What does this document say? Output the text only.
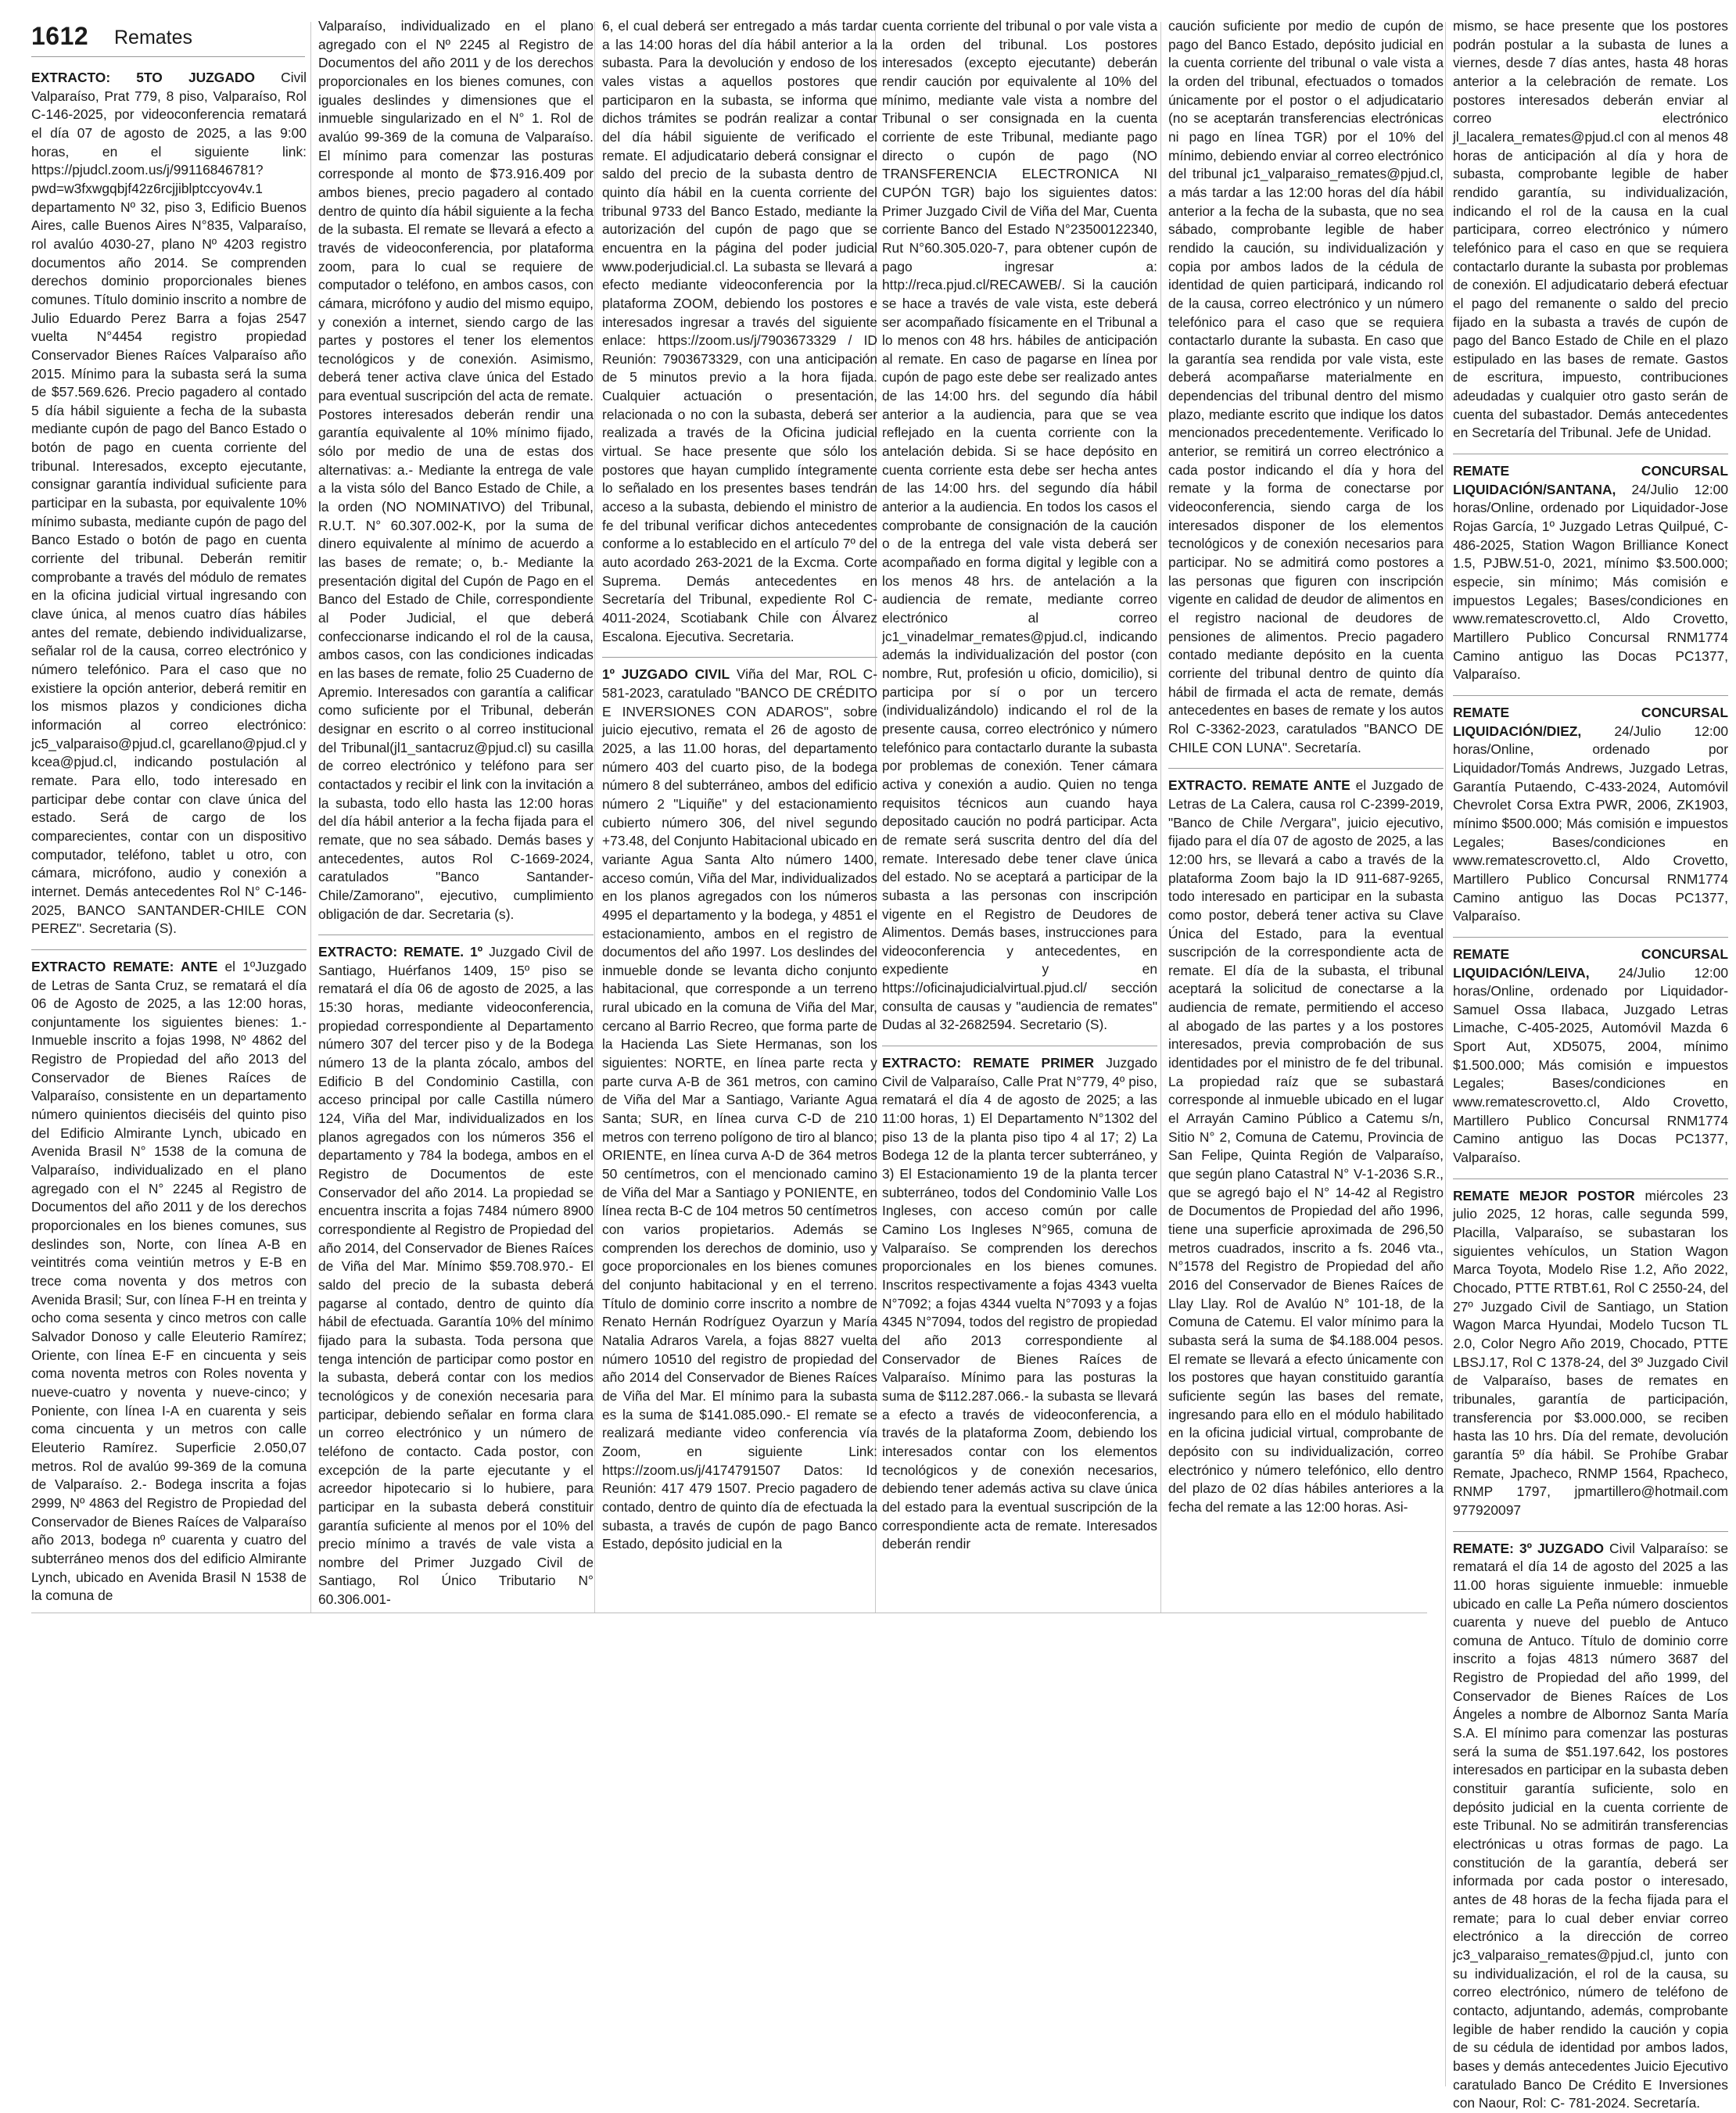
1612 Remates

EXTRACTO: 5TO JUZGADO Civil Valparaíso, Prat 779, 8 piso, Valparaíso, Rol C-146-2025, por videoconferencia rematará el día 07 de agosto de 2025, a las 9:00 horas, en el siguiente link: https://pjudcl.zoom.us/j/99116846781?pwd=w3fxwgqbjf42z6rcjjiblptccyov4v.1 departamento Nº 32, piso 3, Edificio Buenos Aires, calle Buenos Aires N°835, Valparaíso, rol avalúo 4030-27, plano Nº 4203 registro documentos año 2014. Se comprenden derechos dominio proporcionales bienes comunes. Título dominio inscrito a nombre de Julio Eduardo Perez Barra a fojas 2547 vuelta N°4454 registro propiedad Conservador Bienes Raíces Valparaíso año 2015. Mínimo para la subasta será la suma de $57.569.626. Precio pagadero al contado 5 día hábil siguiente a fecha de la subasta mediante cupón de pago del Banco Estado o botón de pago en cuenta corriente del tribunal. Interesados, excepto ejecutante, consignar garantía individual suficiente para participar en la subasta, por equivalente 10% mínimo subasta, mediante cupón de pago del Banco Estado o botón de pago en cuenta corriente del tribunal. Deberán remitir comprobante a través del módulo de remates en la oficina judicial virtual ingresando con clave única, al menos cuatro días hábiles antes del remate, debiendo individualizarse, señalar rol de la causa, correo electrónico y número telefónico. Para el caso que no existiere la opción anterior, deberá remitir en los mismos plazos y condiciones dicha información al correo electrónico: jc5_valparaiso@pjud.cl, gcarellano@pjud.cl y kcea@pjud.cl, indicando postulación al remate. Para ello, todo interesado en participar debe contar con clave única del estado. Será de cargo de los comparecientes, contar con un dispositivo computador, teléfono, tablet u otro, con cámara, micrófono, audio y conexión a internet. Demás antecedentes Rol N° C-146-2025, BANCO SANTANDER-CHILE CON PEREZ". Secretaria (S).

EXTRACTO REMATE: ANTE el 1ºJuzgado de Letras de Santa Cruz, se rematará el día 06 de Agosto de 2025, a las 12:00 horas, conjuntamente los siguientes bienes: 1.- Inmueble inscrito a fojas 1998, Nº 4862 del Registro de Propiedad del año 2013 del Conservador de Bienes Raíces de Valparaíso, consistente en un departamento número quinientos dieciséis del quinto piso del Edificio Almirante Lynch, ubicado en Avenida Brasil N° 1538 de la comuna de Valparaíso, individualizado en el plano agregado con el N° 2245 al Registro de Documentos del año 2011 y de los derechos proporcionales en los bienes comunes, sus deslindes son, Norte, con línea A-B en veintitrés coma veintiún metros y E-B en trece coma noventa y dos metros con Avenida Brasil; Sur, con línea F-H en treinta y ocho coma sesenta y cinco metros con calle Salvador Donoso y calle Eleuterio Ramírez; Oriente, con línea E-F en cincuenta y seis coma noventa metros con Roles noventa y nueve-cuatro y noventa y nueve-cinco; y Poniente, con línea I-A en cuarenta y seis coma cincuenta y un metros con calle Eleuterio Ramírez. Superficie 2.050,07 metros. Rol de avalúo 99-369 de la comuna de Valparaíso. 2.- Bodega inscrita a fojas 2999, Nº 4863 del Registro de Propiedad del Conservador de Bienes Raíces de Valparaíso año 2013, bodega nº cuarenta y cuatro del subterráneo menos dos del edificio Almirante Lynch, ubicado en Avenida Brasil N 1538 de la comuna de

Valparaíso, individualizado en el plano agregado con el Nº 2245 al Registro de Documentos del año 2011 y de los derechos proporcionales en los bienes comunes, con iguales deslindes y dimensiones que el inmueble singularizado en el N° 1. Rol de avalúo 99-369 de la comuna de Valparaíso. El mínimo para comenzar las posturas corresponde al monto de $73.916.409 por ambos bienes, precio pagadero al contado dentro de quinto día hábil siguiente a la fecha de la subasta. El remate se llevará a efecto a través de videoconferencia, por plataforma zoom, para lo cual se requiere de computador o teléfono, en ambos casos, con cámara, micrófono y audio del mismo equipo, y conexión a internet, siendo cargo de las partes y postores el tener los elementos tecnológicos y de conexión. Asimismo, deberá tener activa clave única del Estado para eventual suscripción del acta de remate. Postores interesados deberán rendir una garantía equivalente al 10% mínimo fijado, sólo por medio de una de estas dos alternativas: a.- Mediante la entrega de vale a la vista sólo del Banco Estado de Chile, a la orden (NO NOMINATIVO) del Tribunal, R.U.T. N° 60.307.002-K, por la suma de dinero equivalente al mínimo de acuerdo a las bases de remate; o, b.- Mediante la presentación digital del Cupón de Pago en el Banco del Estado de Chile, correspondiente al Poder Judicial, el que deberá confeccionarse indicando el rol de la causa, ambos casos, con las condiciones indicadas en las bases de remate, folio 25 Cuaderno de Apremio. Interesados con garantía a calificar como suficiente por el Tribunal, deberán designar en escrito o al correo institucional del Tribunal(jl1_santacruz@pjud.cl) su casilla de correo electrónico y teléfono para ser contactados y recibir el link con la invitación a la subasta, todo ello hasta las 12:00 horas del día hábil anterior a la fecha fijada para el remate, que no sea sábado. Demás bases y antecedentes, autos Rol C-1669-2024, caratulados "Banco Santander-Chile/Zamorano", ejecutivo, cumplimiento obligación de dar. Secretaria (s).

EXTRACTO: REMATE. 1º Juzgado Civil de Santiago, Huérfanos 1409, 15º piso se rematará el día 06 de agosto de 2025, a las 15:30 horas, mediante videoconferencia, propiedad correspondiente al Departamento número 307 del tercer piso y de la Bodega número 13 de la planta zócalo, ambos del Edificio B del Condominio Castilla, con acceso principal por calle Castilla número 124, Viña del Mar, individualizados en los planos agregados con los números 356 el departamento y 784 la bodega, ambos en el Registro de Documentos de este Conservador del año 2014. La propiedad se encuentra inscrita a fojas 7484 número 8900 correspondiente al Registro de Propiedad del año 2014, del Conservador de Bienes Raíces de Viña del Mar. Mínimo $59.708.970.- El saldo del precio de la subasta deberá pagarse al contado, dentro de quinto día hábil de efectuada. Garantía 10% del mínimo fijado para la subasta. Toda persona que tenga intención de participar como postor en la subasta, deberá contar con los medios tecnológicos y de conexión necesaria para participar, debiendo señalar en forma clara un correo electrónico y un número de teléfono de contacto. Cada postor, con excepción de la parte ejecutante y el acreedor hipotecario si lo hubiere, para participar en la subasta deberá constituir garantía suficiente al menos por el 10% del precio mínimo a través de vale vista a nombre del Primer Juzgado Civil de Santiago, Rol Único Tributario N° 60.306.001-

6, el cual deberá ser entregado a más tardar a las 14:00 horas del día hábil anterior a la subasta. Para la devolución y endoso de los vales vistas a aquellos postores que participaron en la subasta, se informa que dichos trámites se podrán realizar a contar del día hábil siguiente de verificado el remate. El adjudicatario deberá consignar el saldo del precio de la subasta dentro de quinto día hábil en la cuenta corriente del tribunal 9733 del Banco Estado, mediante la autorización del cupón de pago que se encuentra en la página del poder judicial www.poderjudicial.cl. La subasta se llevará a efecto mediante videoconferencia por la plataforma ZOOM, debiendo los postores e interesados ingresar a través del siguiente enlace: https://zoom.us/j/7903673329 / ID Reunión: 7903673329, con una anticipación de 5 minutos previo a la hora fijada. Cualquier actuación o presentación, relacionada o no con la subasta, deberá ser realizada a través de la Oficina judicial virtual. Se hace presente que sólo los postores que hayan cumplido íntegramente lo señalado en los presentes bases tendrán acceso a la subasta, debiendo el ministro de fe del tribunal verificar dichos antecedentes conforme a lo establecido en el artículo 7º del auto acordado 263-2021 de la Excma. Corte Suprema. Demás antecedentes en Secretaría del Tribunal, expediente Rol C-4011-2024, Scotiabank Chile con Álvarez Escalona. Ejecutiva. Secretaria.

1º JUZGADO CIVIL Viña del Mar, ROL C-581-2023, caratulado "BANCO DE CRÉDITO E INVERSIONES CON ADAROS", sobre juicio ejecutivo, remata el 26 de agosto de 2025, a las 11.00 horas, del departamento número 403 del cuarto piso, de la bodega número 8 del subterráneo, ambos del edificio número 2 "Liquiñe" y del estacionamiento cubierto número 306, del nivel segundo +73.48, del Conjunto Habitacional ubicado en variante Agua Santa Alto número 1400, acceso común, Viña del Mar, individualizados en los planos agregados con los números 4995 el departamento y la bodega, y 4851 el estacionamiento, ambos en el registro de documentos del año 1997. Los deslindes del inmueble donde se levanta dicho conjunto habitacional, que corresponde a un terreno rural ubicado en la comuna de Viña del Mar, cercano al Barrio Recreo, que forma parte de la Hacienda Las Siete Hermanas, son los siguientes: NORTE, en línea parte recta y parte curva A-B de 361 metros, con camino de Viña del Mar a Santiago, Variante Agua Santa; SUR, en línea curva C-D de 210 metros con terreno polígono de tiro al blanco; ORIENTE, en línea curva A-D de 364 metros 50 centímetros, con el mencionado camino de Viña del Mar a Santiago y PONIENTE, en línea recta B-C de 104 metros 50 centímetros con varios propietarios. Además se comprenden los derechos de dominio, uso y goce proporcionales en los bienes comunes del conjunto habitacional y en el terreno. Título de dominio corre inscrito a nombre de Renato Hernán Rodríguez Oyarzun y María Natalia Adraros Varela, a fojas 8827 vuelta número 10510 del registro de propiedad del año 2014 del Conservador de Bienes Raíces de Viña del Mar. El mínimo para la subasta es la suma de $141.085.090.- El remate se realizará mediante video conferencia vía Zoom, en siguiente Link: https://zoom.us/j/4174791507 Datos: Id Reunión: 417 479 1507. Precio pagadero de contado, dentro de quinto día de efectuada la subasta, a través de cupón de pago Banco Estado, depósito judicial en la

cuenta corriente del tribunal o por vale vista a la orden del tribunal. Los postores interesados (excepto ejecutante) deberán rendir caución por equivalente al 10% del mínimo, mediante vale vista a nombre del Tribunal o ser consignada en la cuenta corriente de este Tribunal, mediante pago directo o cupón de pago (NO TRANSFERENCIA ELECTRONICA NI CUPÓN TGR) bajo los siguientes datos: Primer Juzgado Civil de Viña del Mar, Cuenta corriente Banco del Estado N°23500122340, Rut N°60.305.020-7, para obtener cupón de pago ingresar a: http://reca.pjud.cl/RECAWEB/. Si la caución se hace a través de vale vista, este deberá ser acompañado físicamente en el Tribunal a lo menos con 48 hrs. hábiles de anticipación al remate. En caso de pagarse en línea por cupón de pago este debe ser realizado antes de las 14:00 hrs. del segundo día hábil anterior a la audiencia, para que se vea reflejado en la cuenta corriente con la antelación debida. Si se hace depósito en cuenta corriente esta debe ser hecha antes de las 14:00 hrs. del segundo día hábil anterior a la audiencia. En todos los casos el comprobante de consignación de la caución o de la entrega del vale vista deberá ser acompañado en forma digital y legible con a los menos 48 hrs. de antelación a la audiencia de remate, mediante correo electrónico al correo jc1_vinadelmar_remates@pjud.cl, indicando además la individualización del postor (con nombre, Rut, profesión u oficio, domicilio), si participa por sí o por un tercero (individualizándolo) indicando el rol de la presente causa, correo electrónico y número telefónico para contactarlo durante la subasta por problemas de conexión. Tener cámara activa y conexión a audio. Quien no tenga requisitos técnicos aun cuando haya depositado caución no podrá participar. Acta de remate será suscrita dentro del día del remate. Interesado debe tener clave única del estado. No se aceptará a participar de la subasta a las personas con inscripción vigente en el Registro de Deudores de Alimentos. Demás bases, instrucciones para videoconferencia y antecedentes, en expediente y en https://oficinajudicialvirtual.pjud.cl/ sección consulta de causas y "audiencia de remates" Dudas al 32-2682594. Secretario (S).

EXTRACTO: REMATE PRIMER Juzgado Civil de Valparaíso, Calle Prat N°779, 4º piso, rematará el día 4 de agosto de 2025; a las 11:00 horas, 1) El Departamento N°1302 del piso 13 de la planta piso tipo 4 al 17; 2) La Bodega 12 de la planta tercer subterráneo, y 3) El Estacionamiento 19 de la planta tercer subterráneo, todos del Condominio Valle Los Ingleses, con acceso común por calle Camino Los Ingleses N°965, comuna de Valparaíso. Se comprenden los derechos proporcionales en los bienes comunes. Inscritos respectivamente a fojas 4343 vuelta N°7092; a fojas 4344 vuelta N°7093 y a fojas 4345 N°7094, todos del registro de propiedad del año 2013 correspondiente al Conservador de Bienes Raíces de Valparaíso. Mínimo para las posturas la suma de $112.287.066.- la subasta se llevará a efecto a través de videoconferencia, a través de la plataforma Zoom, debiendo los interesados contar con los elementos tecnológicos y de conexión necesarios, debiendo tener además activa su clave única del estado para la eventual suscripción de la correspondiente acta de remate. Interesados deberán rendir

caución suficiente por medio de cupón de pago del Banco Estado, depósito judicial en la cuenta corriente del tribunal o vale vista a la orden del tribunal, efectuados o tomados únicamente por el postor o el adjudicatario (no se aceptarán transferencias electrónicas ni pago en línea TGR) por el 10% del mínimo, debiendo enviar al correo electrónico del tribunal jc1_valparaiso_remates@pjud.cl, a más tardar a las 12:00 horas del día hábil anterior a la fecha de la subasta, que no sea sábado, comprobante legible de haber rendido la caución, su individualización y copia por ambos lados de la cédula de identidad de quien participará, indicando rol de la causa, correo electrónico y un número telefónico para el caso que se requiera contactarlo durante la subasta. En caso que la garantía sea rendida por vale vista, este deberá acompañarse materialmente en dependencias del tribunal dentro del mismo plazo, mediante escrito que indique los datos mencionados precedentemente. Verificado lo anterior, se remitirá un correo electrónico a cada postor indicando el día y hora del remate y la forma de conectarse por videoconferencia, siendo carga de los interesados disponer de los elementos tecnológicos y de conexión necesarios para participar. No se admitirá como postores a las personas que figuren con inscripción vigente en calidad de deudor de alimentos en el registro nacional de deudores de pensiones de alimentos. Precio pagadero contado mediante depósito en la cuenta corriente del tribunal dentro de quinto día hábil de firmada el acta de remate, demás antecedentes en bases de remate y los autos Rol C-3362-2023, caratulados "BANCO DE CHILE CON LUNA". Secretaría.

EXTRACTO. REMATE ANTE el Juzgado de Letras de La Calera, causa rol C-2399-2019, "Banco de Chile /Vergara", juicio ejecutivo, fijado para el día 07 de agosto de 2025, a las 12:00 hrs, se llevará a cabo a través de la plataforma Zoom bajo la ID 911-687-9265, todo interesado en participar en la subasta como postor, deberá tener activa su Clave Única del Estado, para la eventual suscripción de la correspondiente acta de remate. El día de la subasta, el tribunal aceptará la solicitud de conectarse a la audiencia de remate, permitiendo el acceso al abogado de las partes y a los postores interesados, previa comprobación de sus identidades por el ministro de fe del tribunal. La propiedad raíz que se subastará corresponde al inmueble ubicado en el lugar el Arrayán Camino Público a Catemu s/n, Sitio N° 2, Comuna de Catemu, Provincia de San Felipe, Quinta Región de Valparaíso, que según plano Catastral N° V-1-2036 S.R., que se agregó bajo el N° 14-42 al Registro de Documentos de Propiedad del año 1996, tiene una superficie aproximada de 296,50 metros cuadrados, inscrito a fs. 2046 vta., N°1578 del Registro de Propiedad del año 2016 del Conservador de Bienes Raíces de Llay Llay. Rol de Avalúo N° 101-18, de la Comuna de Catemu. El valor mínimo para la subasta será la suma de $4.188.004 pesos. El remate se llevará a efecto únicamente con los postores que hayan constituido garantía suficiente según las bases del remate, ingresando para ello en el módulo habilitado en la oficina judicial virtual, comprobante de depósito con su individualización, correo electrónico y número telefónico, ello dentro del plazo de 02 días hábiles anteriores a la fecha del remate a las 12:00 horas. Asi-

mismo, se hace presente que los postores podrán postular a la subasta de lunes a viernes, desde 7 días antes, hasta 48 horas anterior a la celebración de remate. Los postores interesados deberán enviar al correo electrónico jl_lacalera_remates@pjud.cl con al menos 48 horas de anticipación al día y hora de subasta, comprobante legible de haber rendido garantía, su individualización, indicando el rol de la causa en la cual participara, correo electrónico y número telefónico para el caso en que se requiera contactarlo durante la subasta por problemas de conexión. El adjudicatario deberá efectuar el pago del remanente o saldo del precio fijado en la subasta a través de cupón de pago del Banco Estado de Chile en el plazo estipulado en las bases de remate. Gastos de escritura, impuesto, contribuciones adeudadas y cualquier otro gasto serán de cuenta del subastador. Demás antecedentes en Secretaría del Tribunal. Jefe de Unidad.

REMATE CONCURSAL LIQUIDACIÓN/SANTANA, 24/Julio 12:00 horas/Online, ordenado por Liquidador-Jose Rojas García, 1º Juzgado Letras Quilpué, C-486-2025, Station Wagon Brilliance Konect 1.5, PJBW.51-0, 2021, mínimo $3.500.000; especie, sin mínimo; Más comisión e impuestos Legales; Bases/condiciones en www.rematescrovetto.cl, Aldo Crovetto, Martillero Publico Concursal RNM1774 Camino antiguo las Docas PC1377, Valparaíso.

REMATE CONCURSAL LIQUIDACIÓN/DIEZ, 24/Julio 12:00 horas/Online, ordenado por Liquidador/Tomás Andrews, Juzgado Letras, Garantía Putaendo, C-433-2024, Automóvil Chevrolet Corsa Extra PWR, 2006, ZK1903, mínimo $500.000; Más comisión e impuestos Legales; Bases/condiciones en www.rematescrovetto.cl, Aldo Crovetto, Martillero Publico Concursal RNM1774 Camino antiguo las Docas PC1377, Valparaíso.

REMATE CONCURSAL LIQUIDACIÓN/LEIVA, 24/Julio 12:00 horas/Online, ordenado por Liquidador-Samuel Ossa Ilabaca, Juzgado Letras Limache, C-405-2025, Automóvil Mazda 6 Sport Aut, XD5075, 2004, mínimo $1.500.000; Más comisión e impuestos Legales; Bases/condiciones en www.rematescrovetto.cl, Aldo Crovetto, Martillero Publico Concursal RNM1774 Camino antiguo las Docas PC1377, Valparaíso.

REMATE MEJOR POSTOR miércoles 23 julio 2025, 12 horas, calle segunda 599, Placilla, Valparaíso, se subastaran los siguientes vehículos, un Station Wagon Marca Toyota, Modelo Rise 1.2, Año 2022, Chocado, PTTE RTBT.61, Rol C 2550-24, del 27º Juzgado Civil de Santiago, un Station Wagon Marca Hyundai, Modelo Tucson TL 2.0, Color Negro Año 2019, Chocado, PTTE LBSJ.17, Rol C 1378-24, del 3º Juzgado Civil de Valparaíso, bases de remates en tribunales, garantía de participación, transferencia por $3.000.000, se reciben hasta las 10 hrs. Día del remate, devolución garantía 5º día hábil. Se Prohíbe Grabar Remate, Jpacheco, RNMP 1564, Rpacheco, RNMP 1797, jpmartillero@hotmail.com 977920097

REMATE: 3º JUZGADO Civil Valparaíso: se rematará el día 14 de agosto del 2025 a las 11.00 horas siguiente inmueble: inmueble ubicado en calle La Peña número doscientos cuarenta y nueve del pueblo de Antuco comuna de Antuco. Título de dominio corre inscrito a fojas 4813 número 3687 del Registro de Propiedad del año 1999, del Conservador de Bienes Raíces de Los Ángeles a nombre de Albornoz Santa María S.A. El mínimo para comenzar las posturas será la suma de $51.197.642, los postores interesados en participar en la subasta deben constituir garantía suficiente, solo en depósito judicial en la cuenta corriente de este Tribunal. No se admitirán transferencias electrónicas u otras formas de pago. La constitución de la garantía, deberá ser informada por cada postor o interesado, antes de 48 horas de la fecha fijada para el remate; para lo cual deber enviar correo electrónico a la dirección de correo jc3_valparaiso_remates@pjud.cl, junto con su individualización, el rol de la causa, su correo electrónico, número de teléfono de contacto, adjuntando, además, comprobante legible de haber rendido la caución y copia de su cédula de identidad por ambos lados, bases y demás antecedentes Juicio Ejecutivo caratulado Banco De Crédito E Inversiones con Naour, Rol: C- 781-2024. Secretaría.
